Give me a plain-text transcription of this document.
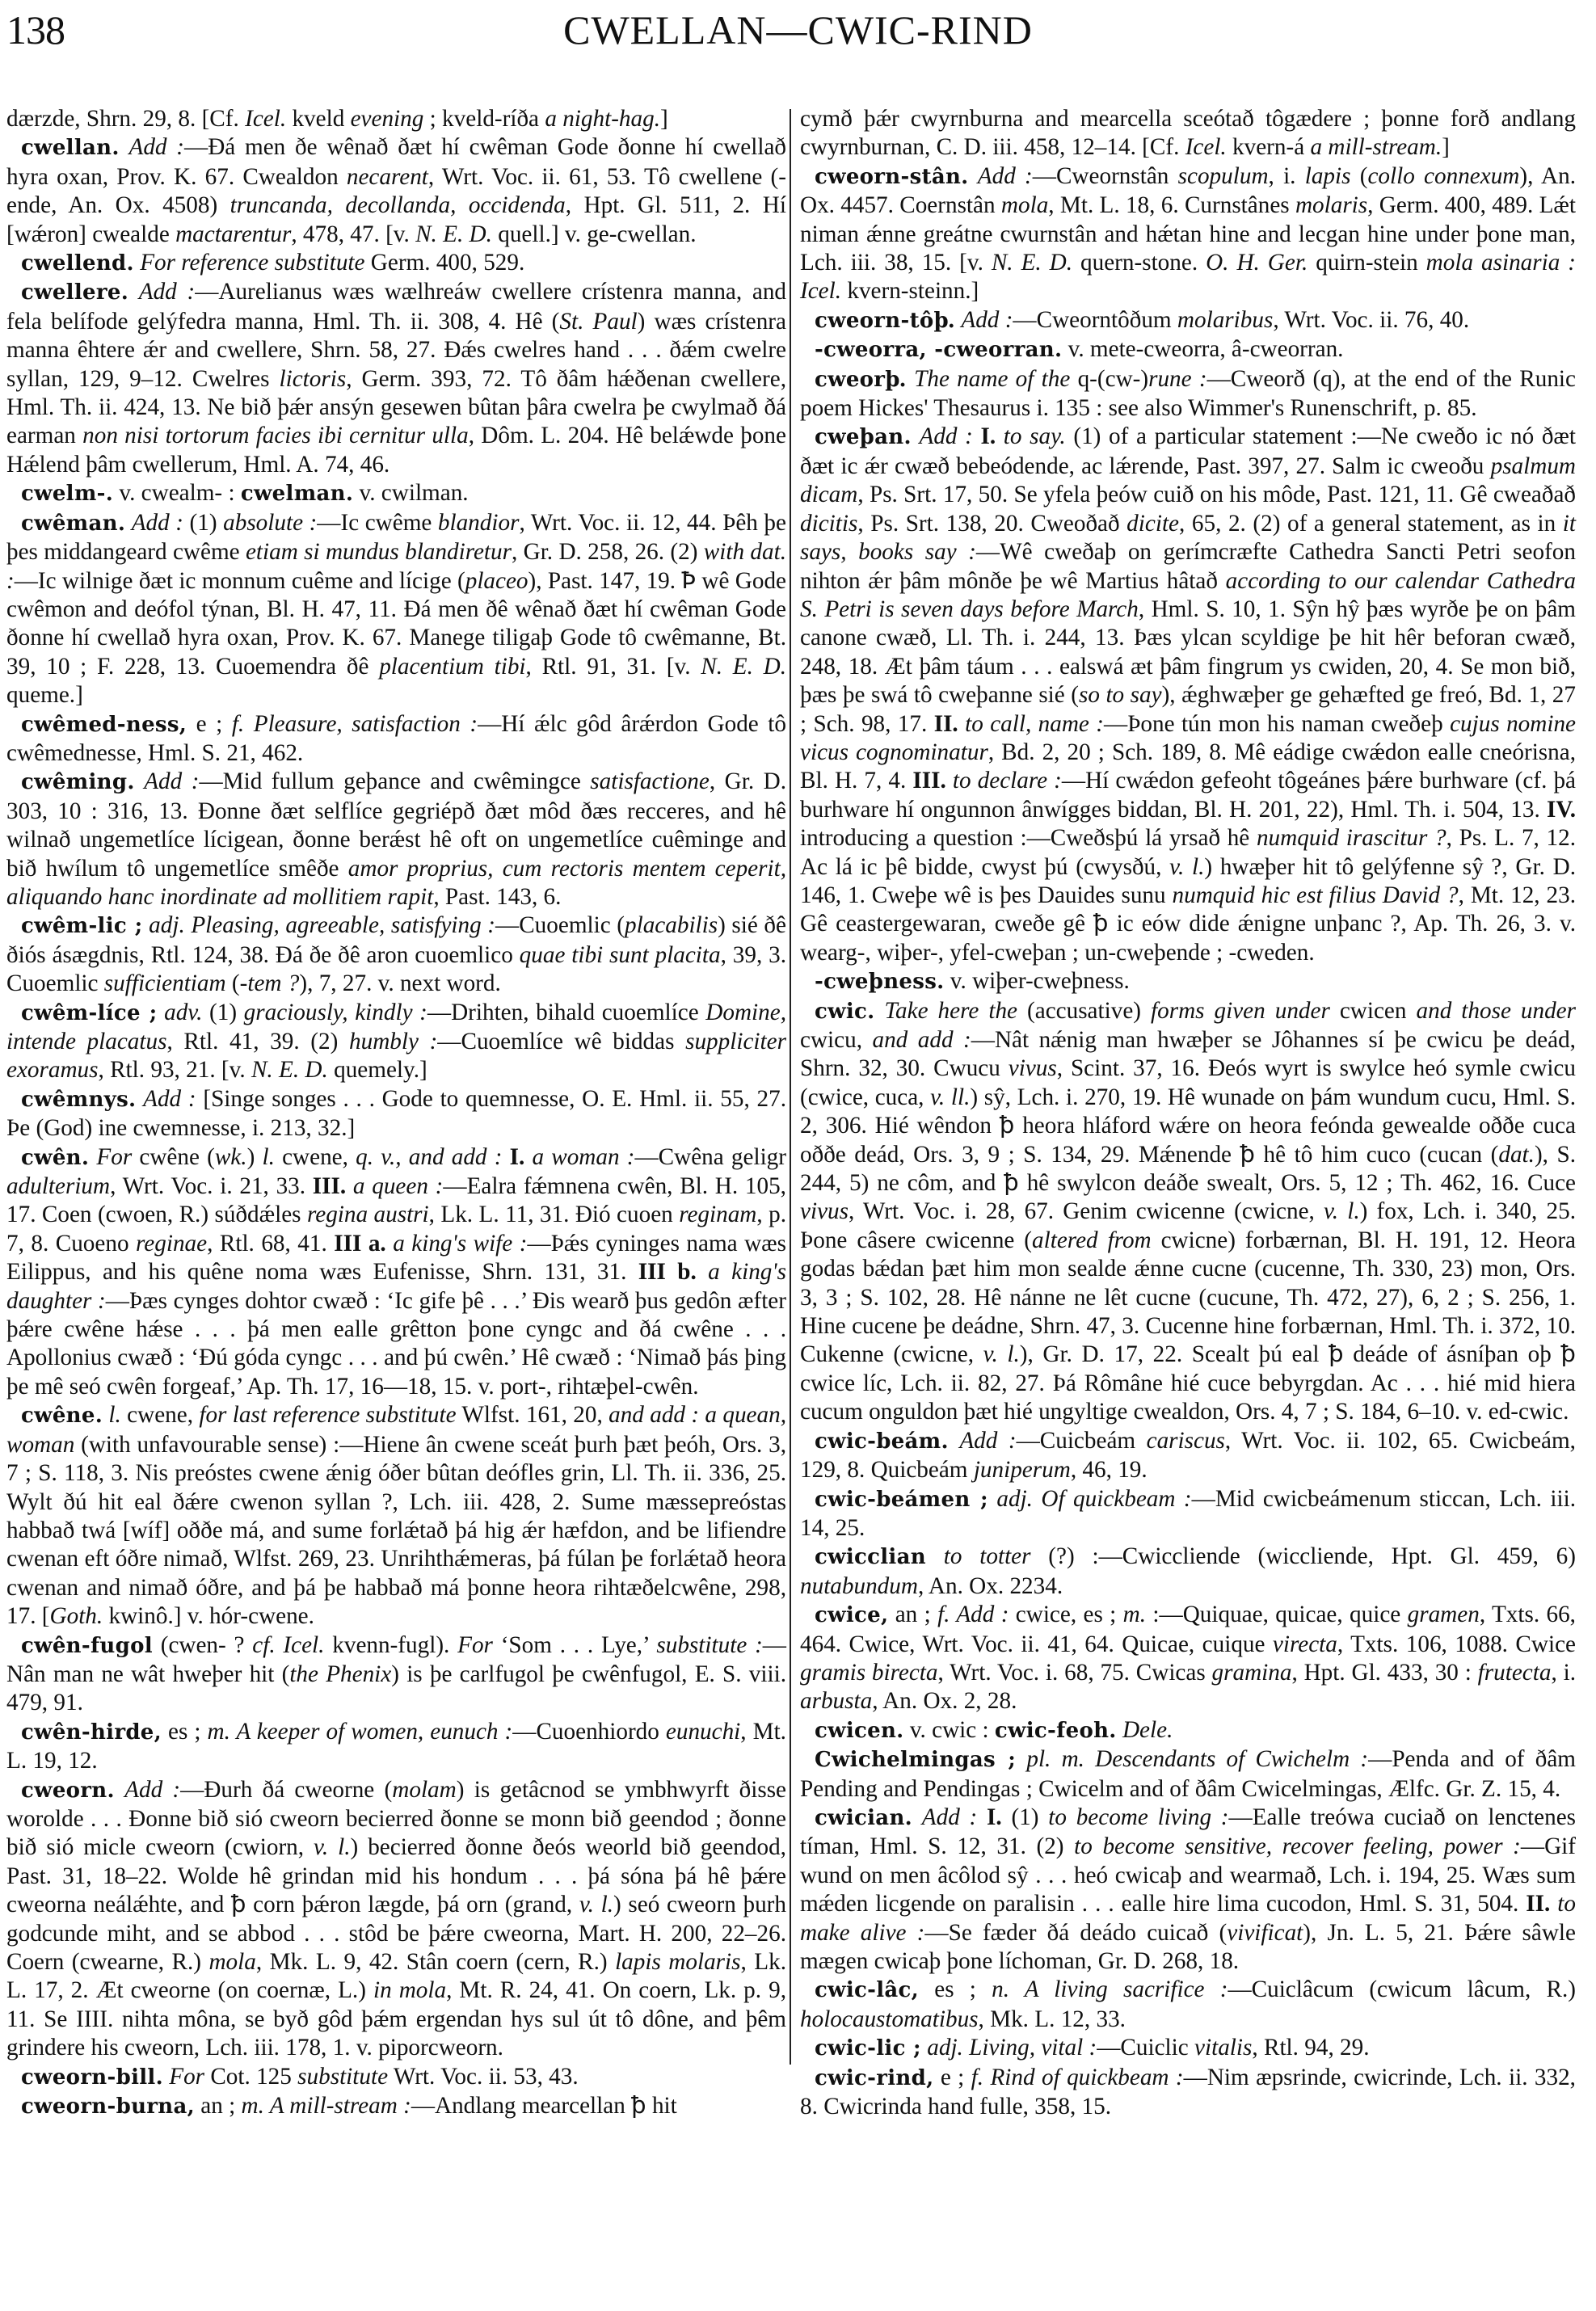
138	CWELLAN—CWIC-RIND

dærzde, Shrn. 29, 8. [Cf. Icel. kveld evening ; kveld-ríða a night-hag.]

cwellan. Add :—Ðá men ðe wênað ðæt hí cwêman Gode ðonne hí cwellað hyra oxan, Prov. K. 67. Cwealdon necarent, Wrt. Voc. ii. 61, 53. Tô cwellene (-ende, An. Ox. 4508) truncanda, decollanda, occidenda, Hpt. Gl. 511, 2. Hí [wǽron] cwealde mactarentur, 478, 47. [v. N. E. D. quell.] v. ge-cwellan.

cwellend. For reference substitute Germ. 400, 529.

cwellere. Add :—Aurelianus wæs wælhreáw cwellere crístenra manna, and fela belífode gelýfedra manna, Hml. Th. ii. 308, 4. Hê (St. Paul) wæs crístenra manna êhtere ǽr and cwellere, Shrn. 58, 27. Ðǽs cwelres hand . . . ðǽm cwelre syllan, 129, 9–12. Cwelres lictoris, Germ. 393, 72. Tô ðâm hǽðenan cwellere, Hml. Th. ii. 424, 13. Ne bið þǽr ansýn gesewen bûtan þâra cwelra þe cwylmað ðá earman non nisi tortorum facies ibi cernitur ulla, Dôm. L. 204. Hê belǽwde þone Hǽlend þâm cwellerum, Hml. A. 74, 46.

cwelm-. v. cwealm- : cwelman. v. cwilman.

cwêman. Add : (1) absolute :—Ic cwême blandior, Wrt. Voc. ii. 12, 44. Þêh þe þes middangeard cwême etiam si mundus blandiretur, Gr. D. 258, 26. (2) with dat. :—Ic wilnige ðæt ic monnum cuême and lícige (placeo), Past. 147, 19. Ꝥ wê Gode cwêmon and deófol týnan, Bl. H. 47, 11. Ðá men ðê wênað ðæt hí cwêman Gode ðonne hí cwellað hyra oxan, Prov. K. 67. Manege tiligaþ Gode tô cwêmanne, Bt. 39, 10 ; F. 228, 13. Cuoemendra ðê placentium tibi, Rtl. 91, 31. [v. N. E. D. queme.]

cwêmed-ness, e ; f. Pleasure, satisfaction :—Hí ǽlc gôd ârǽrdon Gode tô cwêmednesse, Hml. S. 21, 462.

cwêming. Add :—Mid fullum geþance and cwêmingce satisfactione, Gr. D. 303, 10 : 316, 13. Ðonne ðæt selflíce gegriépð ðæt môd ðæs recceres, and hê wilnað ungemetlíce lícigean, ðonne berǽst hê oft on ungemetlíce cuêminge and bið hwílum tô ungemetlíce smêðe amor proprius, cum rectoris mentem ceperit, aliquando hanc inordinate ad mollitiem rapit, Past. 143, 6.

cwêm-lic ; adj. Pleasing, agreeable, satisfying :—Cuoemlic (placabilis) sié ðê ðiós ásægdnis, Rtl. 124, 38. Ðá ðe ðê aron cuoemlico quae tibi sunt placita, 39, 3. Cuoemlic sufficientiam (-tem ?), 7, 27. v. next word.

cwêm-líce ; adv. (1) graciously, kindly :—Drihten, bihald cuoemlíce Domine, intende placatus, Rtl. 41, 39. (2) humbly :—Cuoemlíce wê biddas suppliciter exoramus, Rtl. 93, 21. [v. N. E. D. quemely.]

cwêmnys. Add : [Singe songes . . . Gode to quemnesse, O. E. Hml. ii. 55, 27. Þe (God) ine cwemnesse, i. 213, 32.]

cwên. For cwêne (wk.) l. cwene, q. v., and add : I. a woman :—Cwêna geligr adulterium, Wrt. Voc. i. 21, 33. III. a queen :—Ealra fǽmnena cwên, Bl. H. 105, 17. Coen (cwoen, R.) súðdǽles regina austri, Lk. L. 11, 31. Ðió cuoen reginam, p. 7, 8. Cuoeno reginae, Rtl. 68, 41. III a. a king's wife :—Þǽs cyninges nama wæs Eilippus, and his quêne noma wæs Eufenisse, Shrn. 131, 31. III b. a king's daughter :—Þæs cynges dohtor cwæð : ‘Ic gife þê . . .’ Ðis wearð þus gedôn æfter þǽre cwêne hǽse . . . þá men ealle grêtton þone cyngc and ðá cwêne . . . Apollonius cwæð : ‘Ðú góda cyngc . . . and þú cwên.’ Hê cwæð : ‘Nimað þás þing þe mê seó cwên forgeaf,’ Ap. Th. 17, 16—18, 15. v. port-, rihtæþel-cwên.

cwêne. l. cwene, for last reference substitute Wlfst. 161, 20, and add : a quean, woman (with unfavourable sense) :—Hiene ân cwene sceát þurh þæt þeóh, Ors. 3, 7 ; S. 118, 3. Nis preóstes cwene ǽnig óðer bûtan deófles grin, Ll. Th. ii. 336, 25. Wylt ðú hit eal ðǽre cwenon syllan ?, Lch. iii. 428, 2. Sume mæssepreóstas habbað twá [wíf] oððe má, and sume forlǽtað þá hig ǽr hæfdon, and be lifiendre cwenan eft óðre nimað, Wlfst. 269, 23. Unrihthǽmeras, þá fúlan þe forlǽtað heora cwenan and nimað óðre, and þá þe habbað má þonne heora rihtæðelcwêne, 298, 17. [Goth. kwinô.] v. hór-cwene.

cwên-fugol (cwen- ? cf. Icel. kvenn-fugl). For ‘Som . . . Lye,’ substitute :—Nân man ne wât hweþer hit (the Phenix) is þe carlfugol þe cwênfugol, E. S. viii. 479, 91.

cwên-hirde, es ; m. A keeper of women, eunuch :—Cuoenhiordo eunuchi, Mt. L. 19, 12.

cweorn. Add :—Ðurh ðá cweorne (molam) is getâcnod se ymbhwyrft ðisse worolde . . . Ðonne bið sió cweorn becierred ðonne se monn bið geendod ; ðonne bið sió micle cweorn (cwiorn, v. l.) becierred ðonne ðeós weorld bið geendod, Past. 31, 18–22. Wolde hê grindan mid his hondum . . . þá sóna þá hê þǽre cweorna neálǽhte, and ꝥ corn þǽron lægde, þá orn (grand, v. l.) seó cweorn þurh godcunde miht, and se abbod . . . stôd be þǽre cweorna, Mart. H. 200, 22–26. Coern (cwearne, R.) mola, Mk. L. 9, 42. Stân coern (cern, R.) lapis molaris, Lk. L. 17, 2. Æt cweorne (on coernæ, L.) in mola, Mt. R. 24, 41. On coern, Lk. p. 9, 11. Se IIII. nihta môna, se byð gôd þǽm ergendan hys sul út tô dône, and þêm grindere his cweorn, Lch. iii. 178, 1. v. piporcweorn.

cweorn-bill. For Cot. 125 substitute Wrt. Voc. ii. 53, 43.

cweorn-burna, an ; m. A mill-stream :—Andlang mearcellan ꝥ hit

cymð þǽr cwyrnburna and mearcella sceótað tôgædere ; þonne forð andlang cwyrnburnan, C. D. iii. 458, 12–14. [Cf. Icel. kvern-á a mill-stream.]

cweorn-stân. Add :—Cweornstân scopulum, i. lapis (collo connexum), An. Ox. 4457. Coernstân mola, Mt. L. 18, 6. Curnstânes molaris, Germ. 400, 489. Lǽt niman ǽnne greátne cwurnstân and hǽtan hine and lecgan hine under þone man, Lch. iii. 38, 15. [v. N. E. D. quern-stone. O. H. Ger. quirn-stein mola asinaria : Icel. kvern-steinn.]

cweorn-tôþ. Add :—Cweorntôðum molaribus, Wrt. Voc. ii. 76, 40.

-cweorra, -cweorran. v. mete-cweorra, â-cweorran.

cweorþ. The name of the q-(cw-)rune :—Cweorð (q), at the end of the Runic poem Hickes' Thesaurus i. 135 : see also Wimmer's Runenschrift, p. 85.

cweþan. Add : I. to say. (1) of a particular statement :—Ne cweðo ic nó ðæt ðæt ic ǽr cwæð bebeódende, ac lǽrende, Past. 397, 27. Salm ic cweoðu psalmum dicam, Ps. Srt. 17, 50. Se yfela þeów cuið on his môde, Past. 121, 11. Gê cweaðað dicitis, Ps. Srt. 138, 20. Cweoðað dicite, 65, 2. (2) of a general statement, as in it says, books say :—Wê cweðaþ on gerímcræfte Cathedra Sancti Petri seofon nihton ǽr þâm mônðe þe wê Martius hâtað according to our calendar Cathedra S. Petri is seven days before March, Hml. S. 10, 1. Sŷn hŷ þæs wyrðe þe on þâm canone cwæð, Ll. Th. i. 244, 13. Þæs ylcan scyldige þe hit hêr beforan cwæð, 248, 18. Æt þâm táum . . . ealswá æt þâm fingrum ys cwiden, 20, 4. Se mon bið, þæs þe swá tô cweþanne sié (so to say), ǽghwæþer ge gehæfted ge freó, Bd. 1, 27 ; Sch. 98, 17. II. to call, name :—Þone tún mon his naman cweðeþ cujus nomine vicus cognominatur, Bd. 2, 20 ; Sch. 189, 8. Mê eádige cwǽdon ealle cneórisna, Bl. H. 7, 4. III. to declare :—Hí cwǽdon gefeoht tôgeánes þǽre burhware (cf. þá burhware hí ongunnon ânwígges biddan, Bl. H. 201, 22), Hml. Th. i. 504, 13. IV. introducing a question :—Cweðsþú lá yrsað hê numquid irascitur ?, Ps. L. 7, 12. Ac lá ic þê bidde, cwyst þú (cwysðú, v. l.) hwæþer hit tô gelýfenne sŷ ?, Gr. D. 146, 1. Cweþe wê is þes Dauides sunu numquid hic est filius David ?, Mt. 12, 23. Gê ceastergewaran, cweðe gê ꝥ ic eów dide ǽnigne unþanc ?, Ap. Th. 26, 3. v. wearg-, wiþer-, yfel-cweþan ; un-cweþende ; -cweden.

-cweþness. v. wiþer-cweþness.

cwic. Take here the (accusative) forms given under cwicen and those under cwicu, and add :—Nât nǽnig man hwæþer se Jôhannes sí þe cwicu þe deád, Shrn. 32, 30. Cwucu vivus, Scint. 37, 16. Ðeós wyrt is swylce heó symle cwicu (cwice, cuca, v. ll.) sŷ, Lch. i. 270, 19. Hê wunade on þám wundum cucu, Hml. S. 2, 306. Hié wêndon ꝥ heora hláford wǽre on heora feónda gewealde oððe cuca oððe deád, Ors. 3, 9 ; S. 134, 29. Mǽnende ꝥ hê tô him cuco (cucan (dat.), S. 244, 5) ne côm, and ꝥ hê swylcon deáðe swealt, Ors. 5, 12 ; Th. 462, 16. Cuce vivus, Wrt. Voc. i. 28, 67. Genim cwicenne (cwicne, v. l.) fox, Lch. i. 340, 25. Þone câsere cwicenne (altered from cwicne) forbærnan, Bl. H. 191, 12. Heora godas bǽdan þæt him mon sealde ǽnne cucne (cucenne, Th. 330, 23) mon, Ors. 3, 3 ; S. 102, 28. Hê nánne ne lêt cucne (cucune, Th. 472, 27), 6, 2 ; S. 256, 1. Hine cucene þe deádne, Shrn. 47, 3. Cucenne hine forbærnan, Hml. Th. i. 372, 10. Cukenne (cwicne, v. l.), Gr. D. 17, 22. Scealt þú eal ꝥ deáde of ásníþan oþ ꝥ cwice líc, Lch. ii. 82, 27. Þá Rômâne hié cuce bebyrgdan. Ac . . . hié mid hiera cucum onguldon þæt hié ungyltige cwealdon, Ors. 4, 7 ; S. 184, 6–10. v. ed-cwic.

cwic-beám. Add :—Cuicbeám cariscus, Wrt. Voc. ii. 102, 65. Cwicbeám, 129, 8. Quicbeám juniperum, 46, 19.

cwic-beámen ; adj. Of quickbeam :—Mid cwicbeámenum sticcan, Lch. iii. 14, 25.

cwicclian to totter (?) :—Cwiccliende (wiccliende, Hpt. Gl. 459, 6) nutabundum, An. Ox. 2234.

cwice, an ; f. Add : cwice, es ; m. :—Quiquae, quicae, quice gramen, Txts. 66, 464. Cwice, Wrt. Voc. ii. 41, 64. Quicae, cuique virecta, Txts. 106, 1088. Cwice gramis birecta, Wrt. Voc. i. 68, 75. Cwicas gramina, Hpt. Gl. 433, 30 : frutecta, i. arbusta, An. Ox. 2, 28.

cwicen. v. cwic : cwic-feoh. Dele.

Cwichelmingas ; pl. m. Descendants of Cwichelm :—Penda and of ðâm Pending and Pendingas ; Cwicelm and of ðâm Cwicelmingas, Ælfc. Gr. Z. 15, 4.

cwician. Add : I. (1) to become living :—Ealle treówa cuciað on lenctenes tíman, Hml. S. 12, 31. (2) to become sensitive, recover feeling, power :—Gif wund on men âcôlod sŷ . . . heó cwicaþ and wearmað, Lch. i. 194, 25. Wæs sum mǽden licgende on paralisin . . . ealle hire lima cucodon, Hml. S. 31, 504. II. to make alive :—Se fæder ðá deádo cuicað (vivificat), Jn. L. 5, 21. Þǽre sâwle mægen cwicaþ þone líchoman, Gr. D. 268, 18.

cwic-lâc, es ; n. A living sacrifice :—Cuiclâcum (cwicum lâcum, R.) holocaustomatibus, Mk. L. 12, 33.

cwic-lic ; adj. Living, vital :—Cuiclic vitalis, Rtl. 94, 29.

cwic-rind, e ; f. Rind of quickbeam :—Nim æpsrinde, cwicrinde, Lch. ii. 332, 8. Cwicrinda hand fulle, 358, 15.
